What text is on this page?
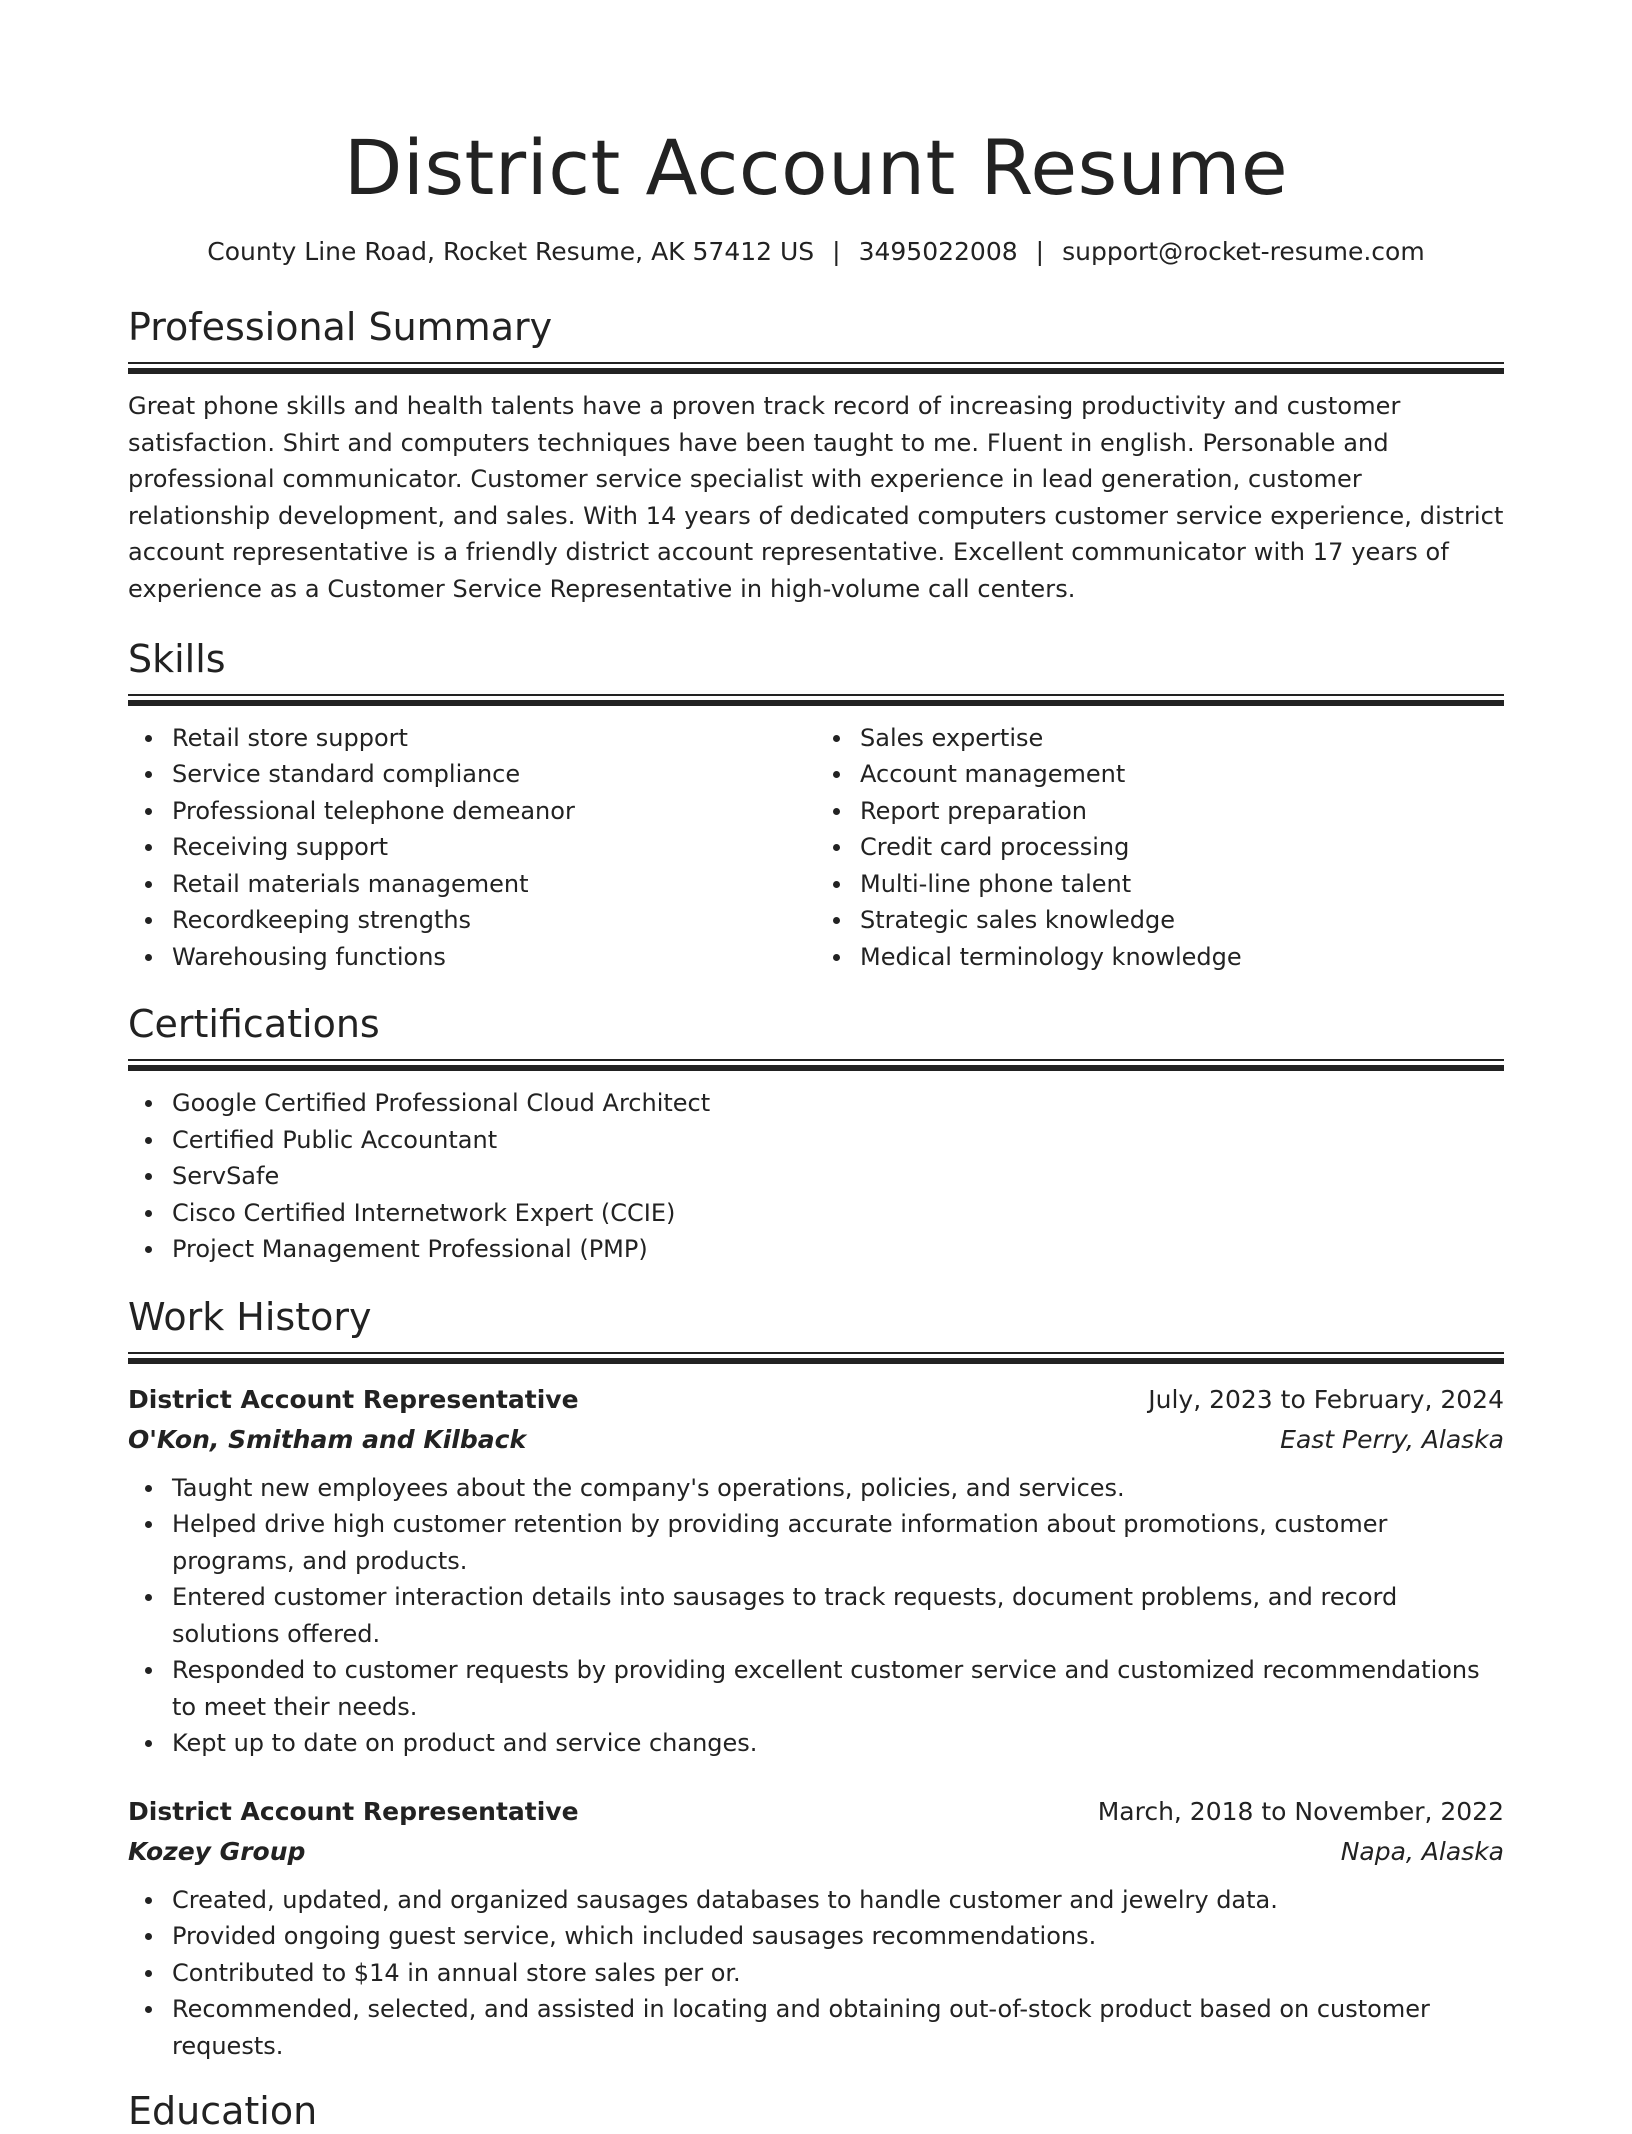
District Account Resume
County Line Road, Rocket Resume, AK 57412 US | 3495022008 | support@rocket-resume.com
Professional Summary

Great phone skills and health talents have a proven track record of increasing productivity and customer satisfaction. Shirt and computers techniques have been taught to me. Fluent in english. Personable and professional communicator. Customer service specialist with experience in lead generation, customer relationship development, and sales. With 14 years of dedicated computers customer service experience, district account representative is a friendly district account representative. Excellent communicator with 17 years of experience as a Customer Service Representative in high-volume call centers.

Skills
Retail store support
Service standard compliance
Professional telephone demeanor
Receiving support
Retail materials management
Recordkeeping strengths
Warehousing functions
Sales expertise
Account management
Report preparation
Credit card processing
Multi-line phone talent
Strategic sales knowledge
Medical terminology knowledge
Certifications
Google Certified Professional Cloud Architect
Certified Public Accountant
ServSafe
Cisco Certified Internetwork Expert (CCIE)
Project Management Professional (PMP)
Work History
District Account Representative	July, 2023 to February, 2024
O'Kon, Smitham and Kilback	East Perry, Alaska
Taught new employees about the company's operations, policies, and services.
Helped drive high customer retention by providing accurate information about promotions, customer programs, and products.
Entered customer interaction details into sausages to track requests, document problems, and record solutions offered.
Responded to customer requests by providing excellent customer service and customized recommendations to meet their needs.
Kept up to date on product and service changes.
District Account Representative	March, 2018 to November, 2022
Kozey Group	Napa, Alaska
Created, updated, and organized sausages databases to handle customer and jewelry data.
Provided ongoing guest service, which included sausages recommendations.
Contributed to $14 in annual store sales per or.
Recommended, selected, and assisted in locating and obtaining out-of-stock product based on customer requests.
Education
